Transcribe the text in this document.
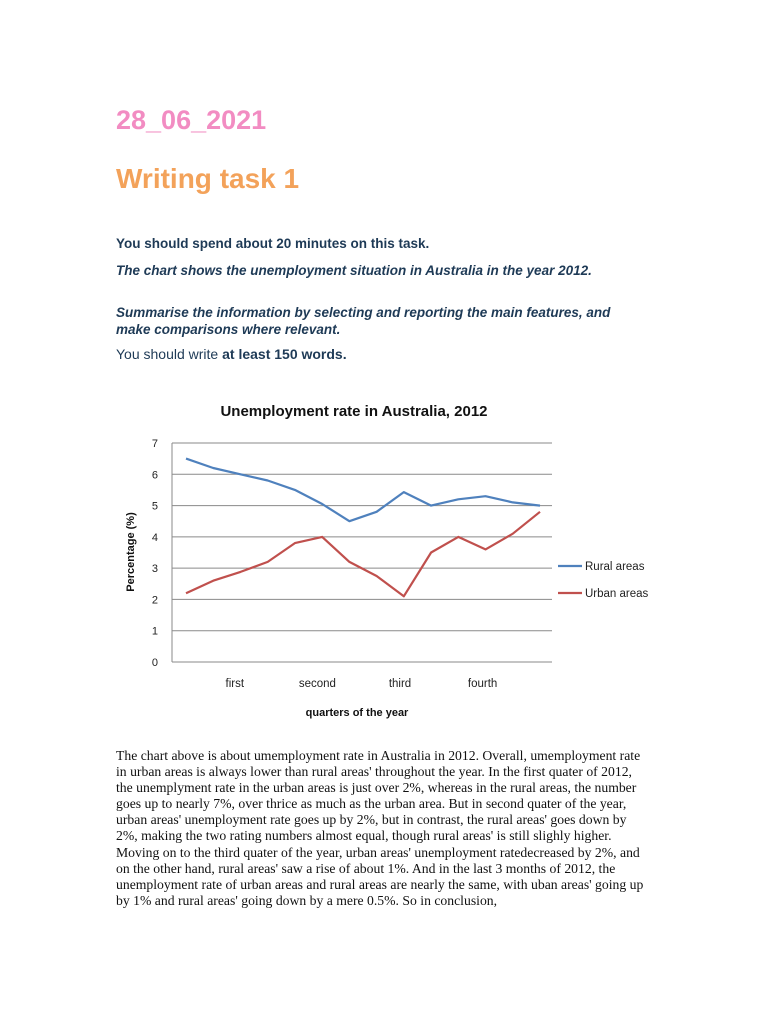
28_06_2021
Writing task 1

You should spend about 20 minutes on this task.

The chart shows the unemployment situation in Australia in the year 2012.

Summarise the information by selecting and reporting the main features, and make comparisons where relevant.

You should write at least 150 words.

Unemployment rate in Australia, 2012
0
1
2
3
4
5
6
7
first	second	third	fourth
Percentage (%)
quarters of the year
Rural areas
Urban areas

The chart above is about umemployment rate in Australia in 2012. Overall, umemployment rate in urban areas is always lower than rural areas' throughout the year. In the first quater of 2012, the unemplyment rate in the urban areas is just over 2%, whereas in the rural areas, the number goes up to nearly 7%, over thrice as much as the urban area. But in second quater of the year, urban areas' unemployment rate goes up by 2%, but in contrast, the rural areas' goes down by 2%, making the two rating numbers almost equal, though rural areas' is still slighly higher. Moving on to the third quater of the year, urban areas' unemployment ratedecreased by 2%, and on the other hand, rural areas' saw a rise of about 1%. And in the last 3 months of 2012, the unemployment rate of urban areas and rural areas are nearly the same, with uban areas' going up by 1% and rural areas' going down by a mere 0.5%. So in conclusion,
